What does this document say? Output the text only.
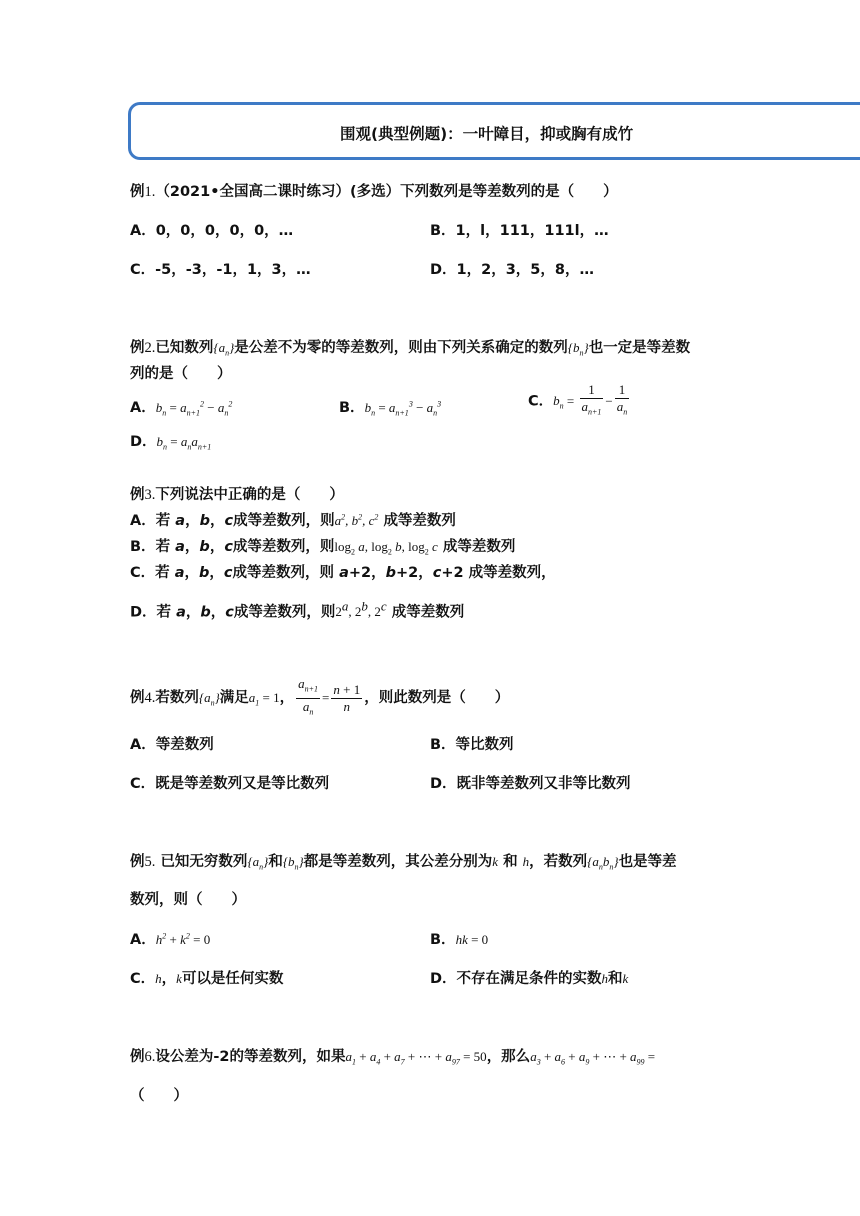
围观(典型例题)：一叶障目，抑或胸有成竹
例1.（2021•全国高二课时练习）(多选）下列数列是等差数列的是（　　）
A．0，0，0，0，0，…	B．1，l，111，111l，…
C．-5，-3，-1，1，3，…	D．1，2，3，5，8，…
例2.已知数列$\{a_n\}$是公差不为零的等差数列，则由下列关系确定的数列$\{b_n\}$也一定是等差数
列的是（　　）
A．$b_n = a_{n+1}^2 - a_n^2$	B．$b_n = a_{n+1}^3 - a_n^3$	C．$b_n = \frac{1}{a_{n+1}} - \frac{1}{a_n}$
D．$b_n = a_na_{n+1}$
例3.下列说法中正确的是（　　）
A．若 a，b，c成等差数列，则$a^2$, $b^2$, $c^2$ 成等差数列
B．若 a，b，c成等差数列，则$\log_2 a$, $\log_2 b$, $\log_2 c$ 成等差数列
C．若 a，b，c成等差数列，则 a+2，b+2，c+2 成等差数列，
D．若 a，b，c成等差数列，则2$^a$, 2$^b$, 2$^c$ 成等差数列
例4.若数列$\{a_n\}$满足$a_1 = 1$， $\frac{a_{n+1}}{a_n} = \frac{n + 1}{n}$ ，则此数列是（　　）
A．等差数列	B．等比数列
C．既是等差数列又是等比数列	D．既非等差数列又非等比数列
例5. 已知无穷数列$\{a_n\}$和$\{b_n\}$都是等差数列，其公差分别为k 和 h，若数列$\{a_nb_n\}$也是等差
数列，则（　　）
A．$h^2 + k^2 = 0$	B．hk = 0
C．h，k可以是任何实数	D．不存在满足条件的实数h和k
例6.设公差为-2的等差数列，如果$a_1 + a_4 + a_7$ + ⋯ + $a_{97} = 50$，那么$a_3 + a_6 + a_9$ + ⋯ + $a_{99}$ =
（　　）
